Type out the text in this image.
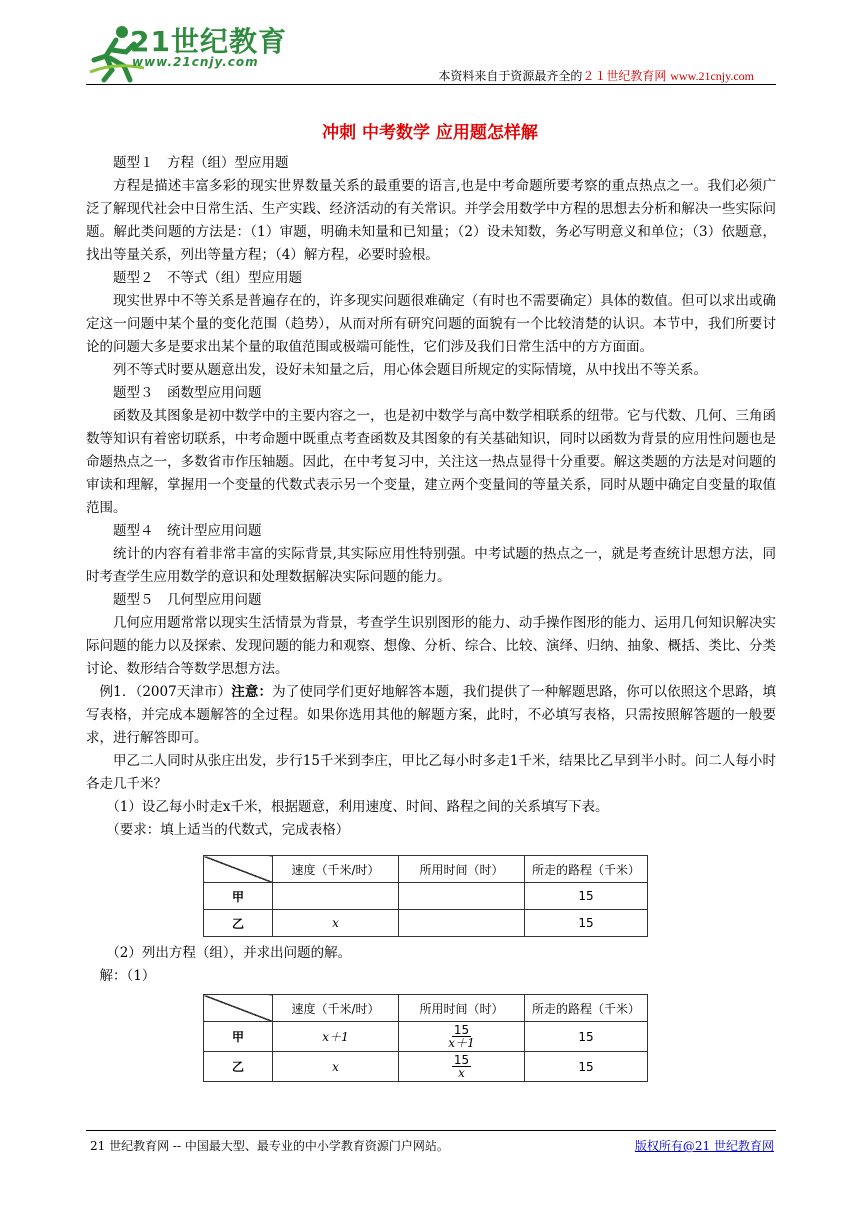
21世纪教育
www.21cnjy.com
本资料来自于资源最齐全的２１世纪教育网 www.21cnjy.com
冲刺 中考数学 应用题怎样解

题型１　方程（组）型应用题

方程是描述丰富多彩的现实世界数量关系的最重要的语言,也是中考命题所要考察的重点热点之一。我们必须广泛了解现代社会中日常生活、生产实践、经济活动的有关常识。并学会用数学中方程的思想去分析和解决一些实际问题。解此类问题的方法是：（1）审题，明确未知量和已知量；（2）设未知数，务必写明意义和单位；（3）依题意，找出等量关系，列出等量方程；（4）解方程，必要时验根。

题型２　不等式（组）型应用题

现实世界中不等关系是普遍存在的，许多现实问题很难确定（有时也不需要确定）具体的数值。但可以求出或确定这一问题中某个量的变化范围（趋势），从而对所有研究问题的面貌有一个比较清楚的认识。本节中，我们所要讨论的问题大多是要求出某个量的取值范围或极端可能性，它们涉及我们日常生活中的方方面面。

列不等式时要从题意出发，设好未知量之后，用心体会题目所规定的实际情境，从中找出不等关系。

题型３　函数型应用问题

函数及其图象是初中数学中的主要内容之一，也是初中数学与高中数学相联系的纽带。它与代数、几何、三角函数等知识有着密切联系，中考命题中既重点考查函数及其图象的有关基础知识，同时以函数为背景的应用性问题也是命题热点之一，多数省市作压轴题。因此，在中考复习中，关注这一热点显得十分重要。解这类题的方法是对问题的审读和理解，掌握用一个变量的代数式表示另一个变量，建立两个变量间的等量关系，同时从题中确定自变量的取值范围。

题型４　统计型应用问题

统计的内容有着非常丰富的实际背景,其实际应用性特别强。中考试题的热点之一，就是考查统计思想方法，同时考查学生应用数学的意识和处理数据解决实际问题的能力。

题型５　几何型应用问题

几何应用题常常以现实生活情景为背景，考查学生识别图形的能力、动手操作图形的能力、运用几何知识解决实际问题的能力以及探索、发现问题的能力和观察、想像、分析、综合、比较、演绎、归纳、抽象、概括、类比、分类讨论、数形结合等数学思想方法。

例1．（2007天津市）注意：为了使同学们更好地解答本题，我们提供了一种解题思路，你可以依照这个思路，填写表格，并完成本题解答的全过程。如果你选用其他的解题方案，此时，不必填写表格，只需按照解答题的一般要求，进行解答即可。

甲乙二人同时从张庄出发，步行15千米到李庄，甲比乙每小时多走1千米，结果比乙早到半小时。问二人每小时各走几千米？

（1）设乙每小时走x千米，根据题意，利用速度、时间、路程之间的关系填写下表。

（要求：填上适当的代数式，完成表格）

	速度（千米/时）	所用时间（时）	所走的路程（千米）
甲			15
乙	x		15

（2）列出方程（组），并求出问题的解。

解：（1）

	速度（千米/时）	所用时间（时）	所走的路程（千米）
甲	x＋1	$\frac{15}{x+1}$	15
乙	x	$\frac{15}{x}$	15
21 世纪教育网 -- 中国最大型、最专业的中小学教育资源门户网站。	版权所有@21 世纪教育网
